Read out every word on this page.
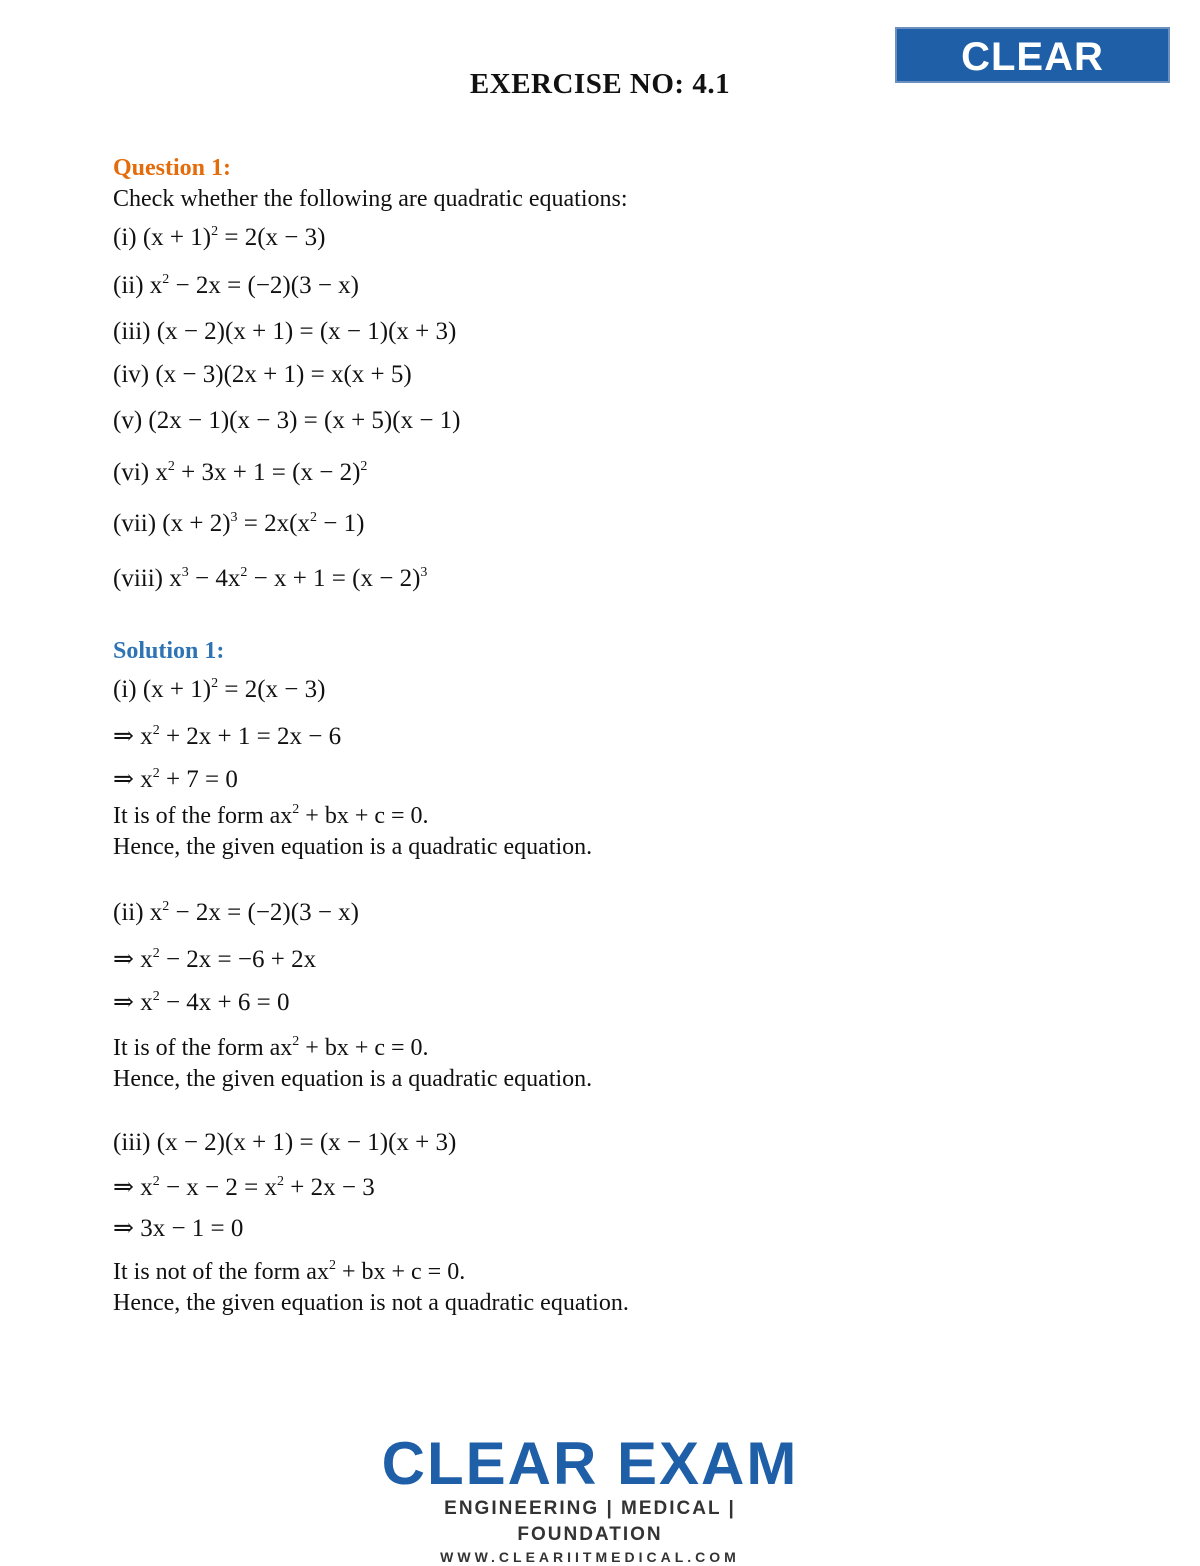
CLEAR EXAM
EXERCISE NO: 4.1
Question 1:
Check whether the following are quadratic equations:
(i) $(x + 1)^2 = 2(x - 3)$
(ii) $x^2 - 2x = (-2)(3 - x)$
(iii) (x − 2)(x + 1) = (x − 1)(x + 3)
(iv) (x − 3)(2x + 1) = x(x + 5)
(v) (2x − 1)(x − 3) = (x + 5)(x − 1)
(vi) $x^2 + 3x + 1 = (x - 2)^2$
(vii) $(x + 2)^3 = 2x(x^2 - 1)$
(viii) $x^3 - 4x^2 - x + 1 = (x - 2)^3$
Solution 1:
(i) $(x + 1)^2 = 2(x - 3)$
⇒ $x^2 + 2x + 1 = 2x - 6$
⇒ $x^2 + 7 = 0$
It is of the form $ax^2$ + bx + c = 0.
Hence, the given equation is a quadratic equation.
(ii) $x^2 - 2x = (-2)(3 - x)$
⇒ $x^2 - 2x = -6 + 2x$
⇒ $x^2 - 4x + 6 = 0$
It is of the form $ax^2$ + bx + c = 0.
Hence, the given equation is a quadratic equation.
(iii) (x − 2)(x + 1) = (x − 1)(x + 3)
⇒ $x^2 - x - 2 = x^2 + 2x - 3$
⇒ 3x − 1 = 0
It is not of the form $ax^2$ + bx + c = 0.
Hence, the given equation is not a quadratic equation.
CLEAR EXAM
ENGINEERING | MEDICAL | FOUNDATION
WWW.CLEARIITMEDICAL.COM
